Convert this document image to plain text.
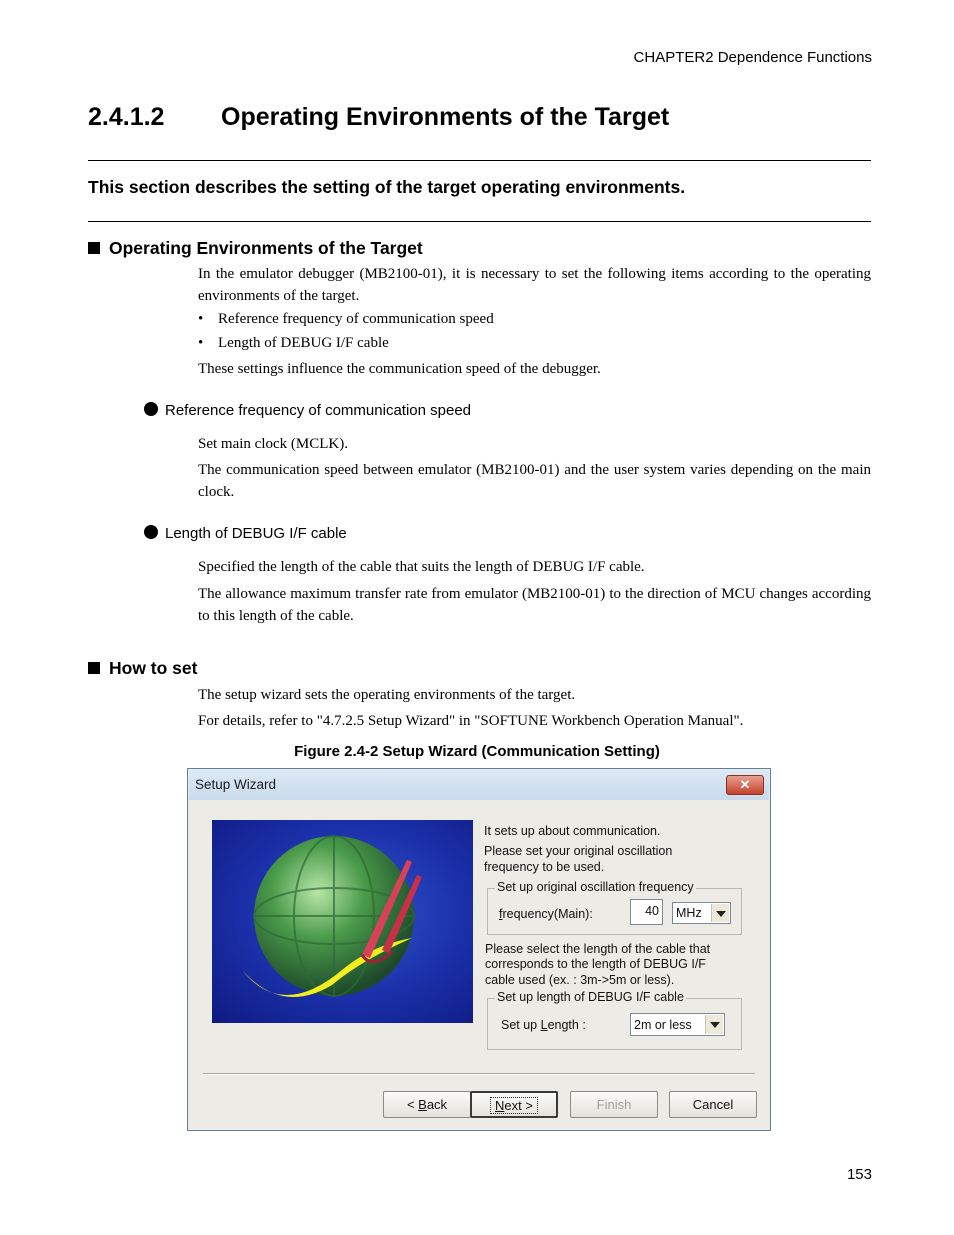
CHAPTER2 Dependence Functions
2.4.1.2 Operating Environments of the Target
This section describes the setting of the target operating environments.
Operating Environments of the Target
In the emulator debugger (MB2100-01), it is necessary to set the following items according to the operating environments of the target.
• Reference frequency of communication speed
• Length of DEBUG I/F cable
These settings influence the communication speed of the debugger.
Reference frequency of communication speed
Set main clock (MCLK).
The communication speed between emulator (MB2100-01) and the user system varies depending on the main clock.
Length of DEBUG I/F cable
Specified the length of the cable that suits the length of DEBUG I/F cable.
The allowance maximum transfer rate from emulator (MB2100-01) to the direction of MCU changes according to this length of the cable.
How to set
The setup wizard sets the operating environments of the target.
For details, refer to "4.7.2.5 Setup Wizard" in "SOFTUNE Workbench Operation Manual".
Figure 2.4-2 Setup Wizard (Communication Setting)
Setup Wizard	✕
It sets up about communication.
Please set your original oscillation
frequency to be used.
Set up original oscillation frequency
frequency(Main):	40	MHz
Please select the length of the cable that
corresponds to the length of DEBUG I/F
cable used (ex. : 3m->5m or less).
Set up length of DEBUG I/F cable
Set up Length :	2m or less
< Back	Next >	Finish	Cancel
153
